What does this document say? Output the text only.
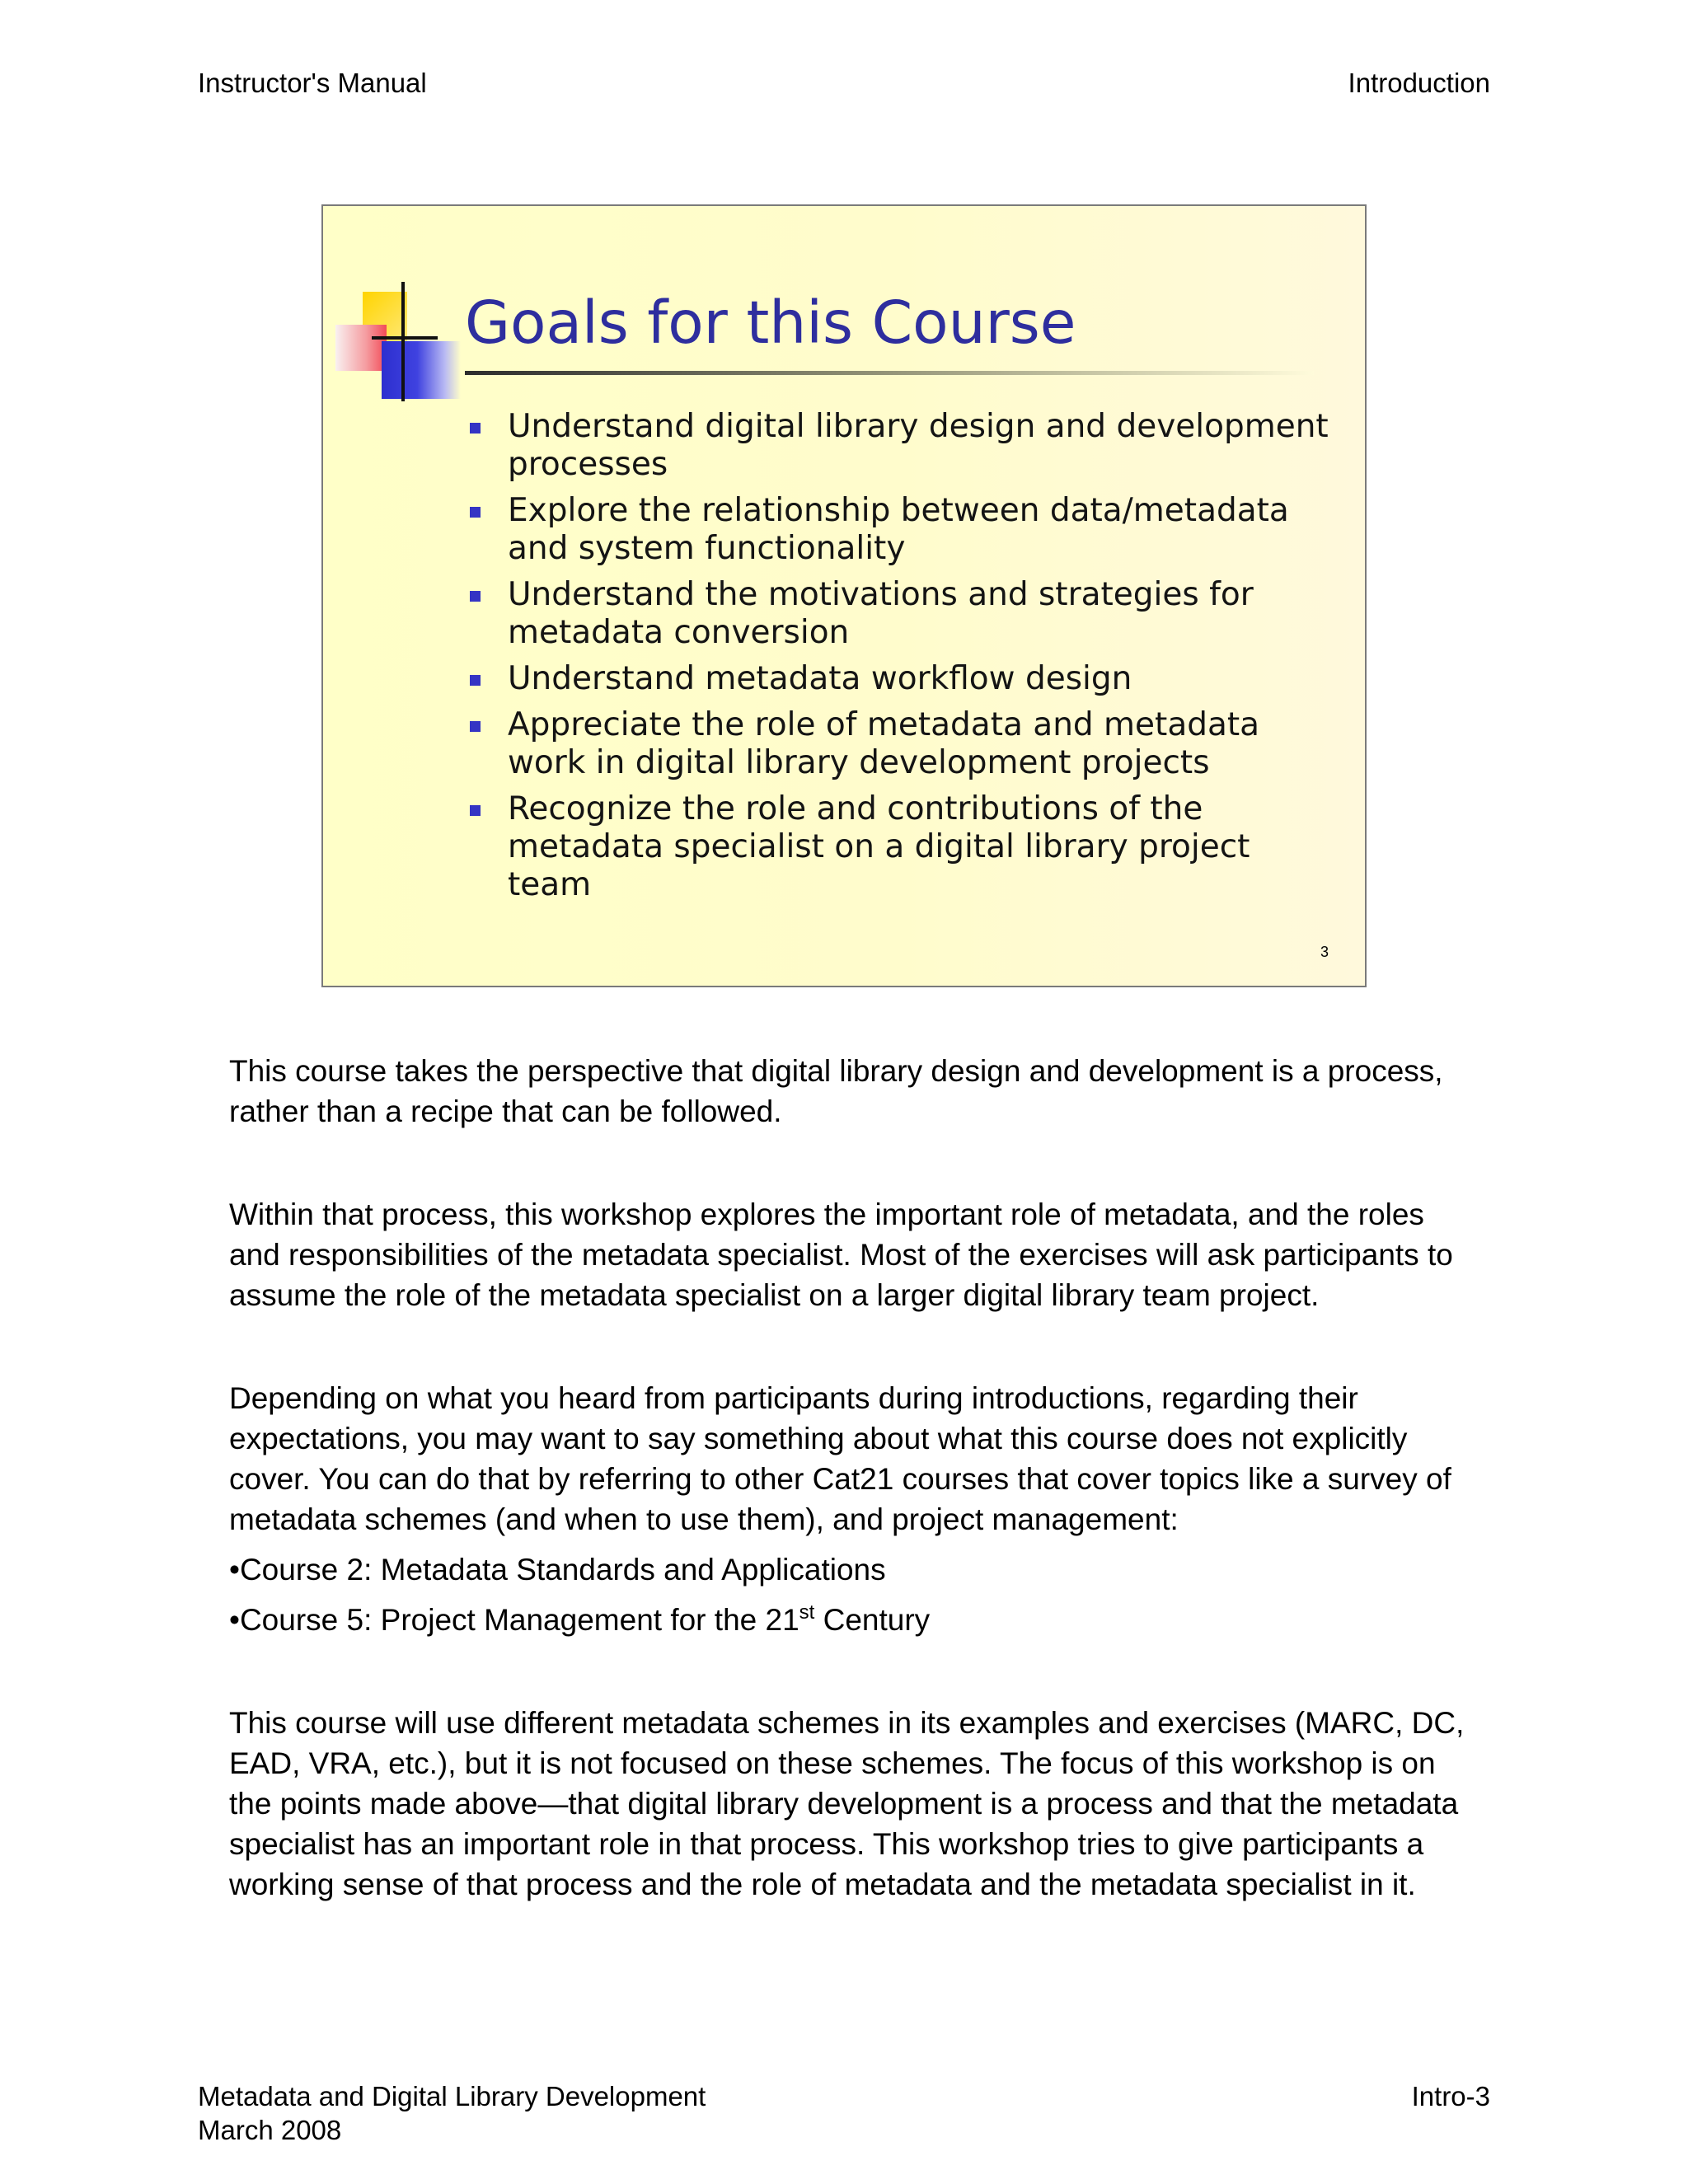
Instructor's Manual	Introduction
Goals for this Course
Understand digital library design and development processes
Explore the relationship between data/metadata and system functionality
Understand the motivations and strategies for metadata conversion
Understand metadata workflow design
Appreciate the role of metadata and metadata work in digital library development projects
Recognize the role and contributions of the metadata specialist on a digital library project team
3

This course takes the perspective that digital library design and development is a process, rather than a recipe that can be followed.

Within that process, this workshop explores the important role of metadata, and the roles and responsibilities of the metadata specialist. Most of the exercises will ask participants to assume the role of the metadata specialist on a larger digital library team project.

Depending on what you heard from participants during introductions, regarding their expectations, you may want to say something about what this course does not explicitly cover. You can do that by referring to other Cat21 courses that cover topics like a survey of metadata schemes (and when to use them), and project management:

•Course 2: Metadata Standards and Applications
•Course 5: Project Management for the 21st Century

This course will use different metadata schemes in its examples and exercises (MARC, DC, EAD, VRA, etc.), but it is not focused on these schemes. The focus of this workshop is on the points made above—that digital library development is a process and that the metadata specialist has an important role in that process. This workshop tries to give participants a working sense of that process and the role of metadata and the metadata specialist in it.

Metadata and Digital Library Development
March 2008
Intro-3
